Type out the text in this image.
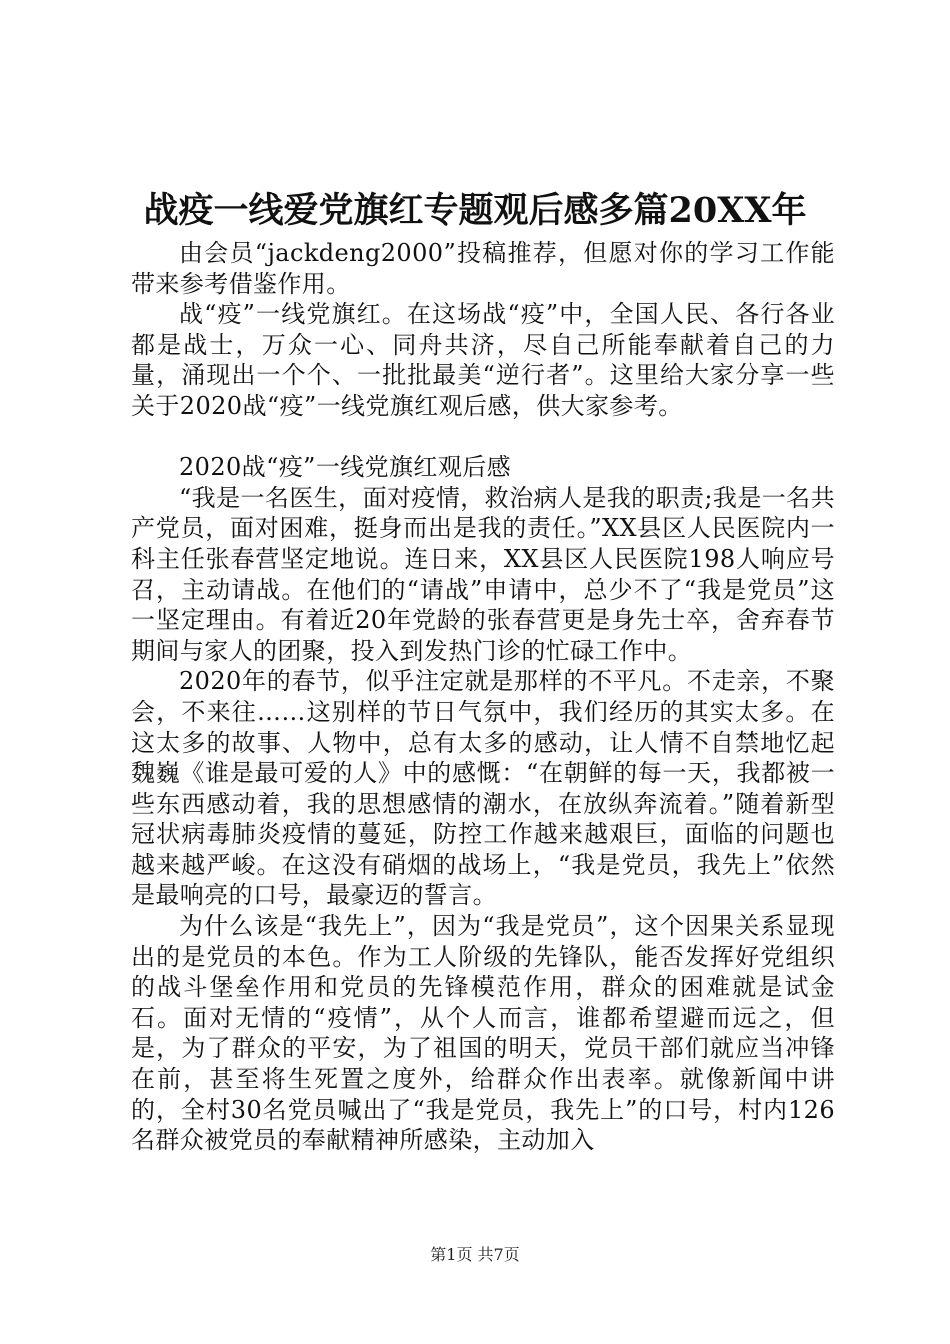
战疫一线爱党旗红专题观后感多篇20XX年

由会员“jackdeng2000”投稿推荐，但愿对你的学习工作能带来参考借鉴作用。

战“疫”一线党旗红。在这场战“疫”中，全国人民、各行各业都是战士，万众一心、同舟共济，尽自己所能奉献着自己的力量，涌现出一个个、一批批最美“逆行者”。这里给大家分享一些关于2020战“疫”一线党旗红观后感，供大家参考。

2020战“疫”一线党旗红观后感

“我是一名医生，面对疫情，救治病人是我的职责;我是一名共产党员，面对困难，挺身而出是我的责任。”XX县区人民医院内一科主任张春营坚定地说。连日来，XX县区人民医院198人响应号召，主动请战。在他们的“请战”申请中，总少不了“我是党员”这一坚定理由。有着近20年党龄的张春营更是身先士卒，舍弃春节期间与家人的团聚，投入到发热门诊的忙碌工作中。

2020年的春节，似乎注定就是那样的不平凡。不走亲，不聚会，不来往……这别样的节日气氛中，我们经历的其实太多。在这太多的故事、人物中，总有太多的感动，让人情不自禁地忆起魏巍《谁是最可爱的人》中的感慨：“在朝鲜的每一天，我都被一些东西感动着，我的思想感情的潮水，在放纵奔流着。”随着新型冠状病毒肺炎疫情的蔓延，防控工作越来越艰巨，面临的问题也越来越严峻。在这没有硝烟的战场上，“我是党员，我先上”依然是最响亮的口号，最豪迈的誓言。

为什么该是“我先上”，因为“我是党员”，这个因果关系显现出的是党员的本色。作为工人阶级的先锋队，能否发挥好党组织的战斗堡垒作用和党员的先锋模范作用，群众的困难就是试金石。面对无情的“疫情”，从个人而言，谁都希望避而远之，但是，为了群众的平安，为了祖国的明天，党员干部们就应当冲锋在前，甚至将生死置之度外，给群众作出表率。就像新闻中讲的，全村30名党员喊出了“我是党员，我先上”的口号，村内126名群众被党员的奉献精神所感染，主动加入

第1页 共7页
